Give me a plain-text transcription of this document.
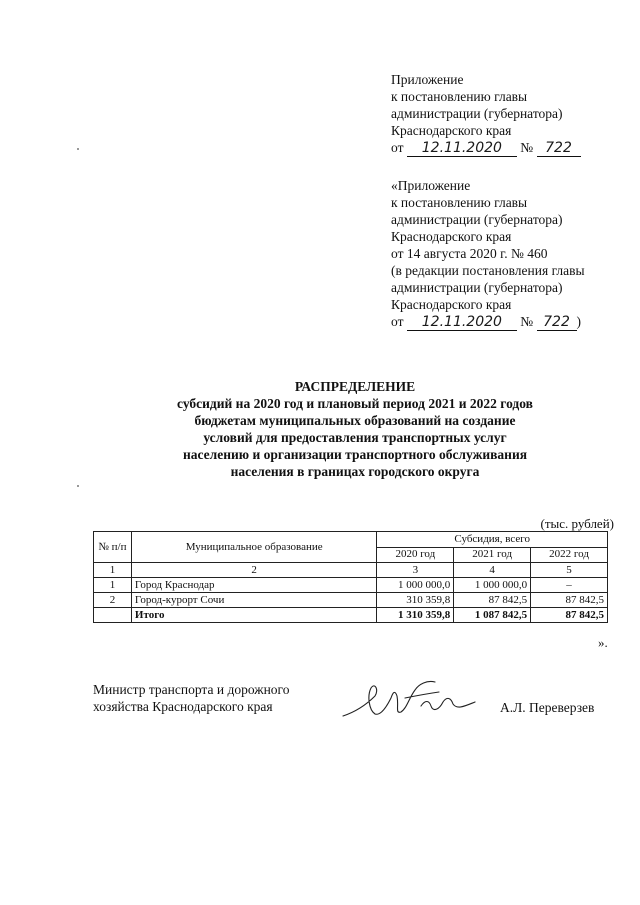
Приложение
к постановлению главы
администрации (губернатора)
Краснодарского края
от 12.11.2020 № 722
«Приложение
к постановлению главы
администрации (губернатора)
Краснодарского края
от 14 августа 2020 г. № 460
(в редакции постановления главы
администрации (губернатора)
Краснодарского края
от 12.11.2020 № 722 )
РАСПРЕДЕЛЕНИЕ
субсидий на 2020 год и плановый период 2021 и 2022 годов
бюджетам муниципальных образований на создание
условий для предоставления транспортных услуг
населению и организации транспортного обслуживания
населения в границах городского округа
(тыс. рублей)
№ п/п	Муниципальное образование	Субсидия, всего		
		2020 год	2021 год	2022 год
1	2	3	4	5
1	Город Краснодар	1 000 000,0	1 000 000,0	–
2	Город-курорт Сочи	310 359,8	87 842,5	87 842,5
	Итого	1 310 359,8	1 087 842,5	87 842,5
».
Министр транспорта и дорожного
хозяйства Краснодарского края	А.Л. Переверзев
